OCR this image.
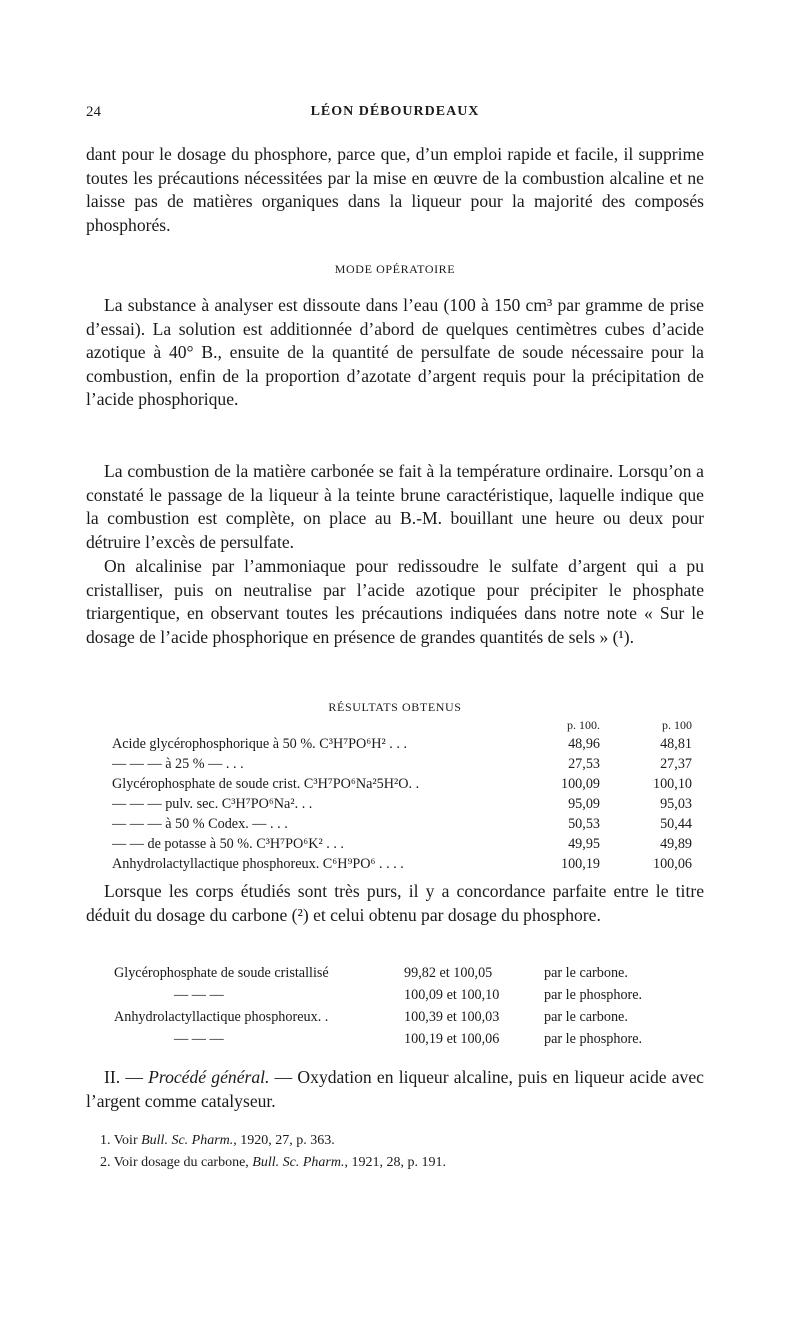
24	LÉON DÉBOURDEAUX
dant pour le dosage du phosphore, parce que, d’un emploi rapide et facile, il supprime toutes les précautions nécessitées par la mise en œuvre de la combustion alcaline et ne laisse pas de matières organiques dans la liqueur pour la majorité des composés phosphorés.
MODE OPÉRATOIRE
La substance à analyser est dissoute dans l’eau (100 à 150 cm³ par gramme de prise d’essai). La solution est additionnée d’abord de quelques centimètres cubes d’acide azotique à 40° B., ensuite de la quantité de persulfate de soude nécessaire pour la combustion, enfin de la proportion d’azotate d’argent requis pour la précipitation de l’acide phosphorique.
La combustion de la matière carbonée se fait à la température ordinaire. Lorsqu’on a constaté le passage de la liqueur à la teinte brune caractéristique, laquelle indique que la combustion est complète, on place au B.-M. bouillant une heure ou deux pour détruire l’excès de persulfate.
On alcalinise par l’ammoniaque pour redissoudre le sulfate d’argent qui a pu cristalliser, puis on neutralise par l’acide azotique pour précipiter le phosphate triargentique, en observant toutes les précautions indiquées dans notre note « Sur le dosage de l’acide phosphorique en présence de grandes quantités de sels » (¹).
RÉSULTATS OBTENUS
	p. 100.	p. 100
Acide glycérophosphorique à 50 %. C³H⁷PO⁶H² . . .	48,96	48,81
— — — à 25 % — . . .	27,53	27,37
Glycérophosphate de soude crist. C³H⁷PO⁶Na²5H²O. .	100,09	100,10
— — — pulv. sec. C³H⁷PO⁶Na². . .	95,09	95,03
— — — à 50 % Codex. — . . .	50,53	50,44
— — de potasse à 50 %. C³H⁷PO⁶K² . . .	49,95	49,89
Anhydrolactyllactique phosphoreux. C⁶H⁹PO⁶ . . . .	100,19	100,06
Lorsque les corps étudiés sont très purs, il y a concordance parfaite entre le titre déduit du dosage du carbone (²) et celui obtenu par dosage du phosphore.
Glycérophosphate de soude cristallisé	99,82 et 100,05	par le carbone.
— — —	100,09 et 100,10	par le phosphore.
Anhydrolactyllactique phosphoreux. .	100,39 et 100,03	par le carbone.
— — —	100,19 et 100,06	par le phosphore.
II. — Procédé général. — Oxydation en liqueur alcaline, puis en liqueur acide avec l’argent comme catalyseur.
1. Voir Bull. Sc. Pharm., 1920, 27, p. 363.
2. Voir dosage du carbone, Bull. Sc. Pharm., 1921, 28, p. 191.
